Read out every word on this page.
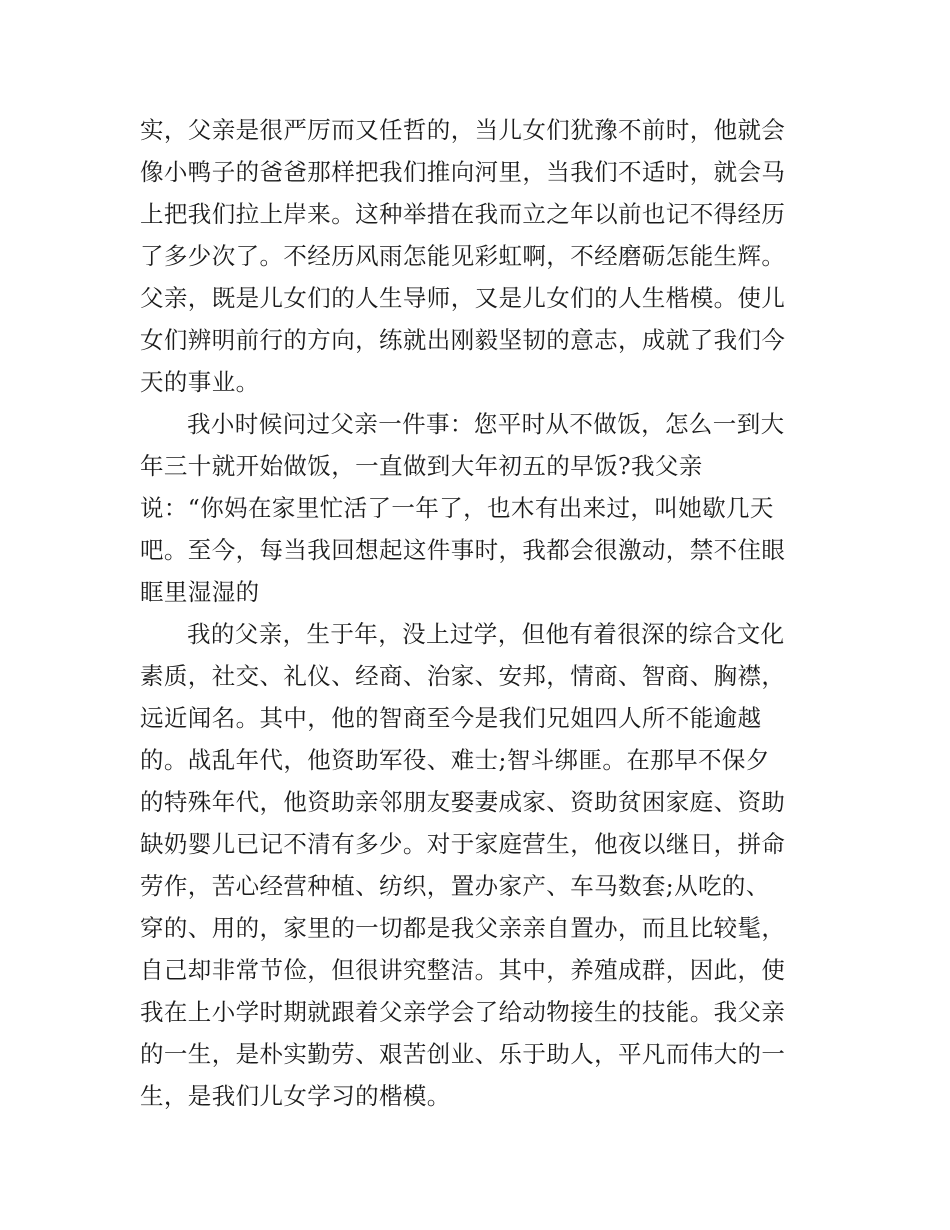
实，父亲是很严厉而又任哲的，当儿女们犹豫不前时，他就会
像小鸭子的爸爸那样把我们推向河里，当我们不适时，就会马
上把我们拉上岸来。这种举措在我而立之年以前也记不得经历
了多少次了。不经历风雨怎能见彩虹啊，不经磨砺怎能生辉。
父亲，既是儿女们的人生导师，又是儿女们的人生楷模。使儿
女们辨明前行的方向，练就出刚毅坚韧的意志，成就了我们今
天的事业。
我小时候问过父亲一件事：您平时从不做饭，怎么一到大
年三十就开始做饭，一直做到大年初五的早饭?我父亲
说：“你妈在家里忙活了一年了，也木有出来过，叫她歇几天
吧。至今，每当我回想起这件事时，我都会很激动，禁不住眼
眶里湿湿的
我的父亲，生于年，没上过学，但他有着很深的综合文化
素质，社交、礼仪、经商、治家、安邦，情商、智商、胸襟，
远近闻名。其中，他的智商至今是我们兄姐四人所不能逾越
的。战乱年代，他资助军役、难士;智斗绑匪。在那早不保夕
的特殊年代，他资助亲邻朋友娶妻成家、资助贫困家庭、资助
缺奶婴儿已记不清有多少。对于家庭营生，他夜以继日，拼命
劳作，苦心经营种植、纺织，置办家产、车马数套;从吃的、
穿的、用的，家里的一切都是我父亲亲自置办，而且比较髦，
自己却非常节俭，但很讲究整洁。其中，养殖成群，因此，使
我在上小学时期就跟着父亲学会了给动物接生的技能。我父亲
的一生，是朴实勤劳、艰苦创业、乐于助人，平凡而伟大的一
生，是我们儿女学习的楷模。
